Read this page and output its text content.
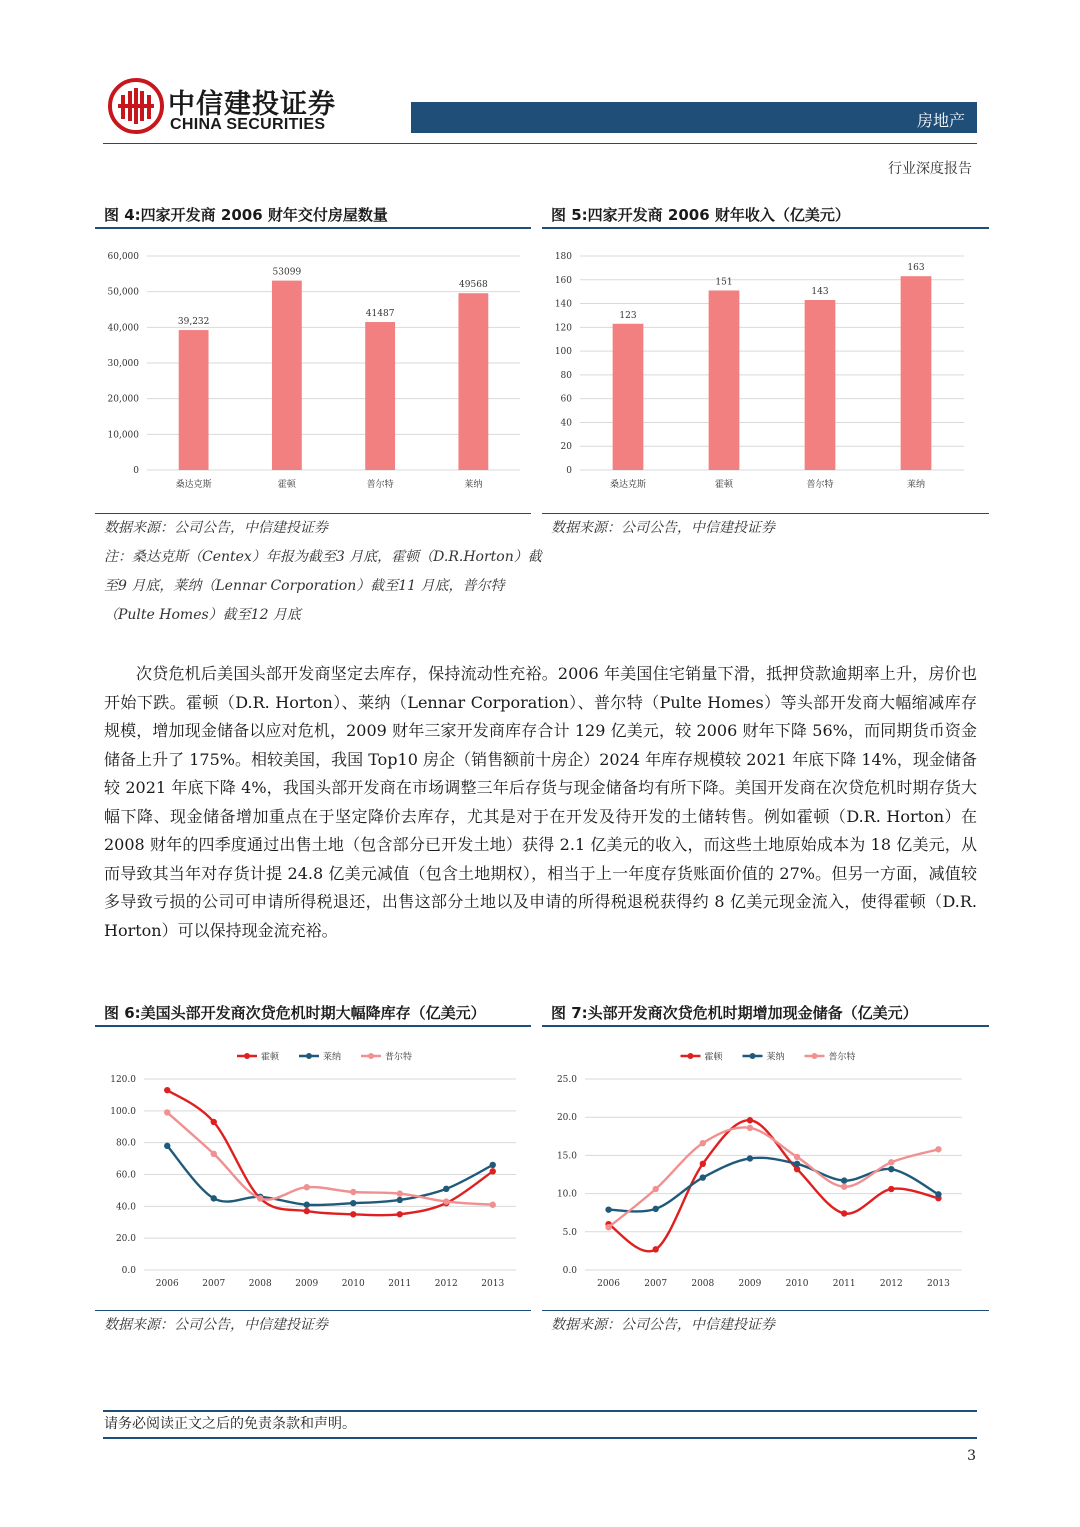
中信建投证券
CHINA SECURITIES	房地产
行业深度报告
图 4:四家开发商 2006 财年交付房屋数量	图 5:四家开发商 2006 财年收入（亿美元）
0
10,000
20,000
30,000
40,000
50,000
60,000
39,232
桑达克斯
53099
霍顿
41487
普尔特
49568
莱纳
0
20
40
60
80
100
120
140
160
180
123
桑达克斯
151
霍顿
143
普尔特
163
莱纳
数据来源：公司公告，中信建投证券
注：桑达克斯（Centex）年报为截至3 月底，霍顿（D.R.Horton）截至9 月底，莱纳（Lennar Corporation）截至11 月底，普尔特（Pulte Homes）截至12 月底
数据来源：公司公告，中信建投证券
次贷危机后美国头部开发商坚定去库存，保持流动性充裕。2006 年美国住宅销量下滑，抵押贷款逾期率上升，房价也开始下跌。霍顿（D.R. Horton）、莱纳（Lennar Corporation）、普尔特（Pulte Homes）等头部开发商大幅缩减库存规模，增加现金储备以应对危机，2009 财年三家开发商库存合计 129 亿美元，较 2006 财年下降 56%，而同期货币资金储备上升了 175%。相较美国，我国 Top10 房企（销售额前十房企）2024 年库存规模较 2021 年底下降 14%，现金储备较 2021 年底下降 4%，我国头部开发商在市场调整三年后存货与现金储备均有所下降。美国开发商在次贷危机时期存货大幅下降、现金储备增加重点在于坚定降价去库存，尤其是对于在开发及待开发的土储转售。例如霍顿（D.R. Horton）在 2008 财年的四季度通过出售土地（包含部分已开发土地）获得 2.1 亿美元的收入，而这些土地原始成本为 18 亿美元，从而导致其当年对存货计提 24.8 亿美元减值（包含土地期权），相当于上一年度存货账面价值的 27%。但另一方面，减值较多导致亏损的公司可申请所得税退还，出售这部分土地以及申请的所得税退税获得约 8 亿美元现金流入，使得霍顿（D.R. Horton）可以保持现金流充裕。
图 6:美国头部开发商次贷危机时期大幅降库存（亿美元）	图 7:头部开发商次贷危机时期增加现金储备（亿美元）
0.0
20.0
40.0
60.0
80.0
100.0
120.0
2006	2007	2008	2009	2010	2011	2012	2013
霍顿	莱纳	普尔特
0.0
5.0
10.0
15.0
20.0
25.0
2006	2007	2008	2009	2010	2011	2012	2013
霍顿	莱纳	普尔特
数据来源：公司公告，中信建投证券	数据来源：公司公告，中信建投证券
请务必阅读正文之后的免责条款和声明。
3
